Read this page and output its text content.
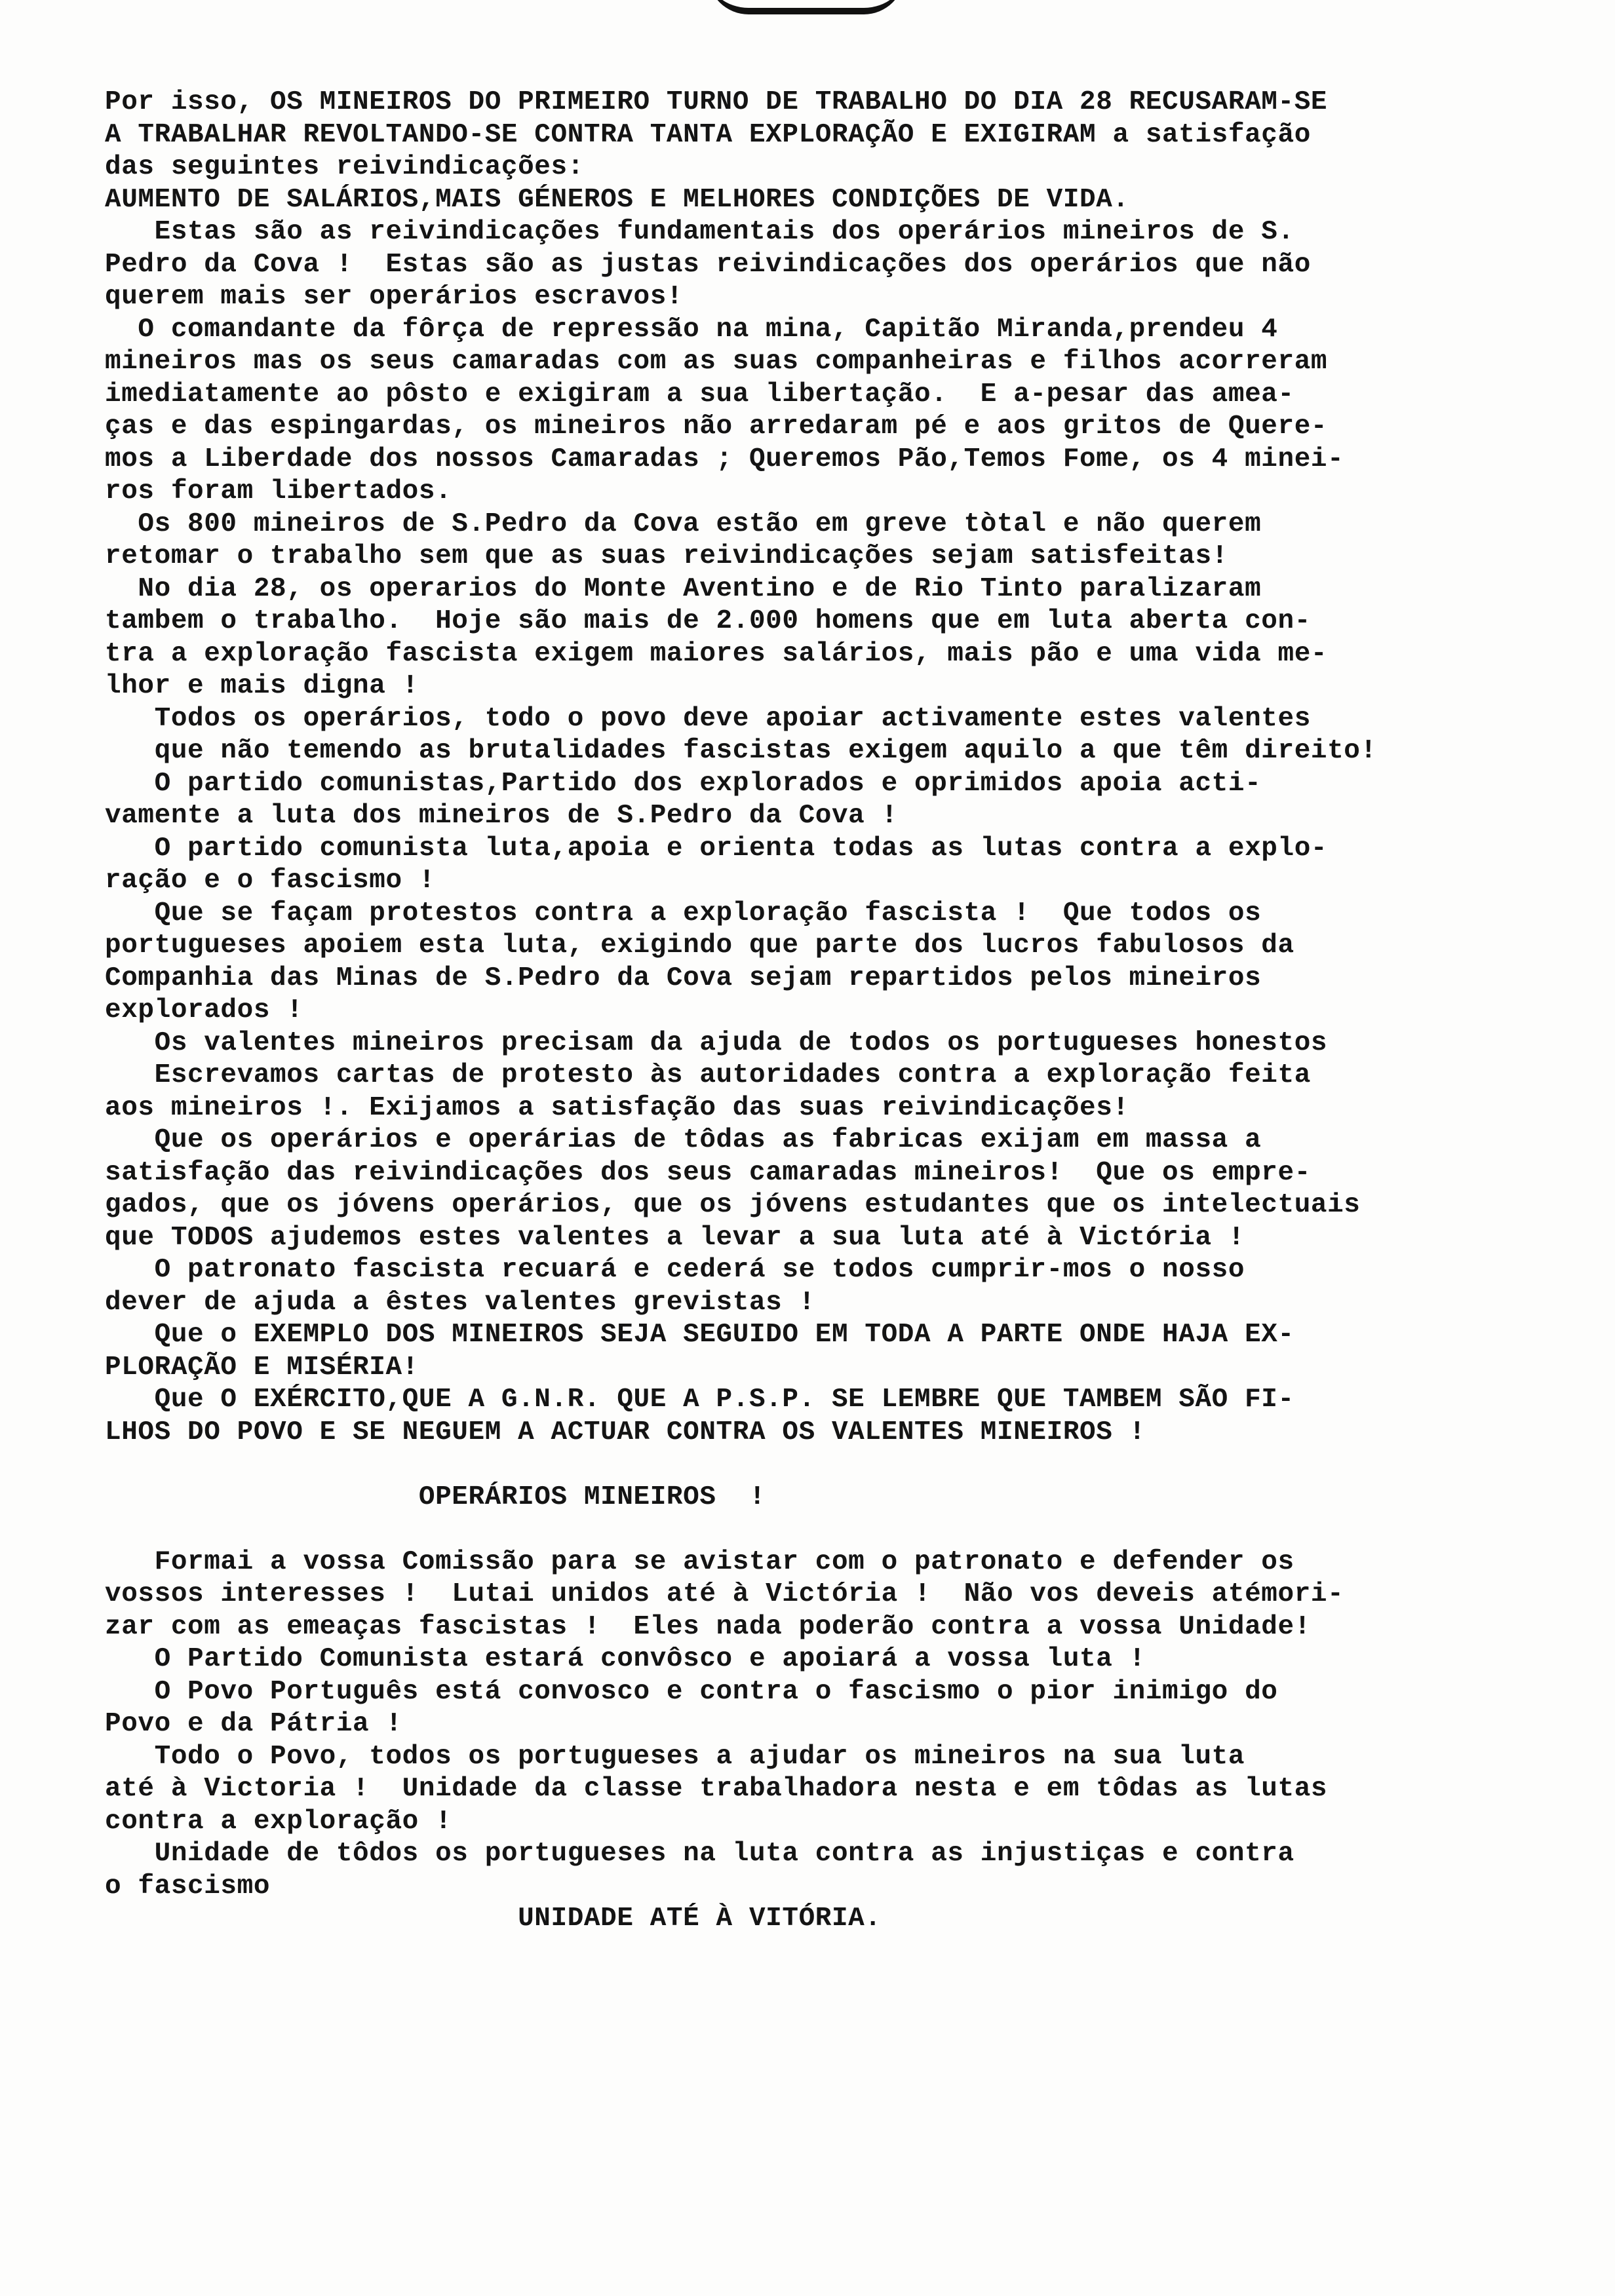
Por isso, OS MINEIROS DO PRIMEIRO TURNO DE TRABALHO DO DIA 28 RECUSARAM-SE
A TRABALHAR REVOLTANDO-SE CONTRA TANTA EXPLORAÇÃO E EXIGIRAM a satisfação
das seguintes reivindicações:
AUMENTO DE SALÁRIOS,MAIS GÉNEROS E MELHORES CONDIÇÕES DE VIDA.
Estas são as reivindicações fundamentais dos operários mineiros de S.
Pedro da Cova !  Estas são as justas reivindicações dos operários que não
querem mais ser operários escravos!
O comandante da fôrça de repressão na mina, Capitão Miranda,prendeu 4
mineiros mas os seus camaradas com as suas companheiras e filhos acorreram
imediatamente ao pôsto e exigiram a sua libertação.  E a-pesar das amea-
ças e das espingardas, os mineiros não arredaram pé e aos gritos de Quere-
mos a Liberdade dos nossos Camaradas ; Queremos Pão,Temos Fome, os 4 minei-
ros foram libertados.
Os 800 mineiros de S.Pedro da Cova estão em greve tòtal e não querem
retomar o trabalho sem que as suas reivindicações sejam satisfeitas!
No dia 28, os operarios do Monte Aventino e de Rio Tinto paralizaram
tambem o trabalho.  Hoje são mais de 2.000 homens que em luta aberta con-
tra a exploração fascista exigem maiores salários, mais pão e uma vida me-
lhor e mais digna !
Todos os operários, todo o povo deve apoiar activamente estes valentes
que não temendo as brutalidades fascistas exigem aquilo a que têm direito!
O partido comunistas,Partido dos explorados e oprimidos apoia acti-
vamente a luta dos mineiros de S.Pedro da Cova !
O partido comunista luta,apoia e orienta todas as lutas contra a explo-
ração e o fascismo !
Que se façam protestos contra a exploração fascista !  Que todos os
portugueses apoiem esta luta, exigindo que parte dos lucros fabulosos da
Companhia das Minas de S.Pedro da Cova sejam repartidos pelos mineiros
explorados !
Os valentes mineiros precisam da ajuda de todos os portugueses honestos
Escrevamos cartas de protesto às autoridades contra a exploração feita
aos mineiros !. Exijamos a satisfação das suas reivindicações!
Que os operários e operárias de tôdas as fabricas exijam em massa a
satisfação das reivindicações dos seus camaradas mineiros!  Que os empre-
gados, que os jóvens operários, que os jóvens estudantes que os intelectuais
que TODOS ajudemos estes valentes a levar a sua luta até à Victória !
O patronato fascista recuará e cederá se todos cumprir-mos o nosso
dever de ajuda a êstes valentes grevistas !
Que o EXEMPLO DOS MINEIROS SEJA SEGUIDO EM TODA A PARTE ONDE HAJA EX-
PLORAÇÃO E MISÉRIA!
Que O EXÉRCITO,QUE A G.N.R. QUE A P.S.P. SE LEMBRE QUE TAMBEM SÃO FI-
LHOS DO POVO E SE NEGUEM A ACTUAR CONTRA OS VALENTES MINEIROS !
OPERÁRIOS MINEIROS  !
Formai a vossa Comissão para se avistar com o patronato e defender os
vossos interesses !  Lutai unidos até à Victória !  Não vos deveis atémori-
zar com as emeaças fascistas !  Eles nada poderão contra a vossa Unidade!
O Partido Comunista estará convôsco e apoiará a vossa luta !
O Povo Português está convosco e contra o fascismo o pior inimigo do
Povo e da Pátria !
Todo o Povo, todos os portugueses a ajudar os mineiros na sua luta
até à Victoria !  Unidade da classe trabalhadora nesta e em tôdas as lutas
contra a exploração !
Unidade de tôdos os portugueses na luta contra as injustiças e contra
o fascismo
UNIDADE ATÉ À VITÓRIA.
